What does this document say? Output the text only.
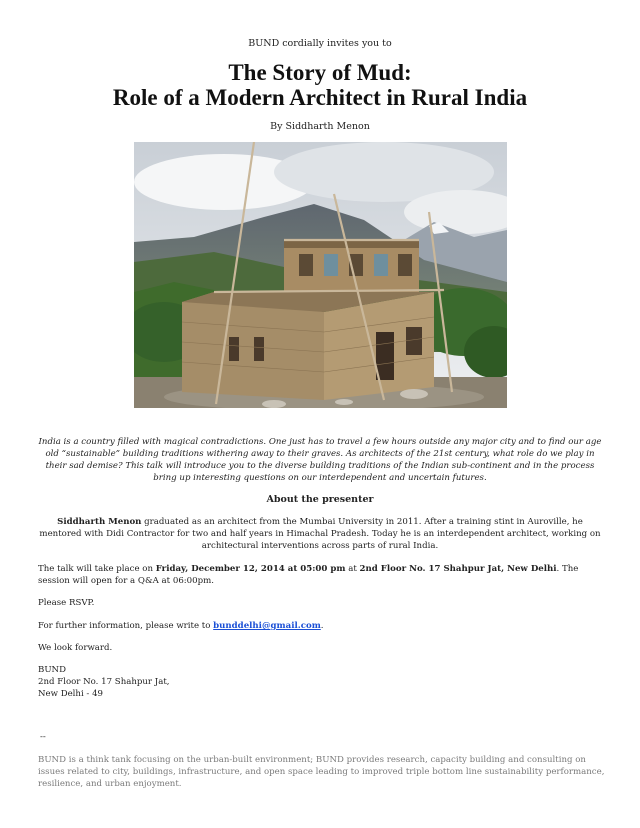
BUND cordially invites you to
The Story of Mud:
Role of a Modern Architect in Rural India
By Siddharth Menon
India is a country filled with magical contradictions. One just has to travel a few hours outside any major city and to find our age old “sustainable” building traditions withering away to their graves. As architects of the 21st century, what role do we play in their sad demise? This talk will introduce you to the diverse building traditions of the Indian sub-continent and in the process bring up interesting questions on our interdependent and uncertain futures.
About the presenter
Siddharth Menon graduated as an architect from the Mumbai University in 2011. After a training stint in Auroville, he mentored with Didi Contractor for two and half years in Himachal Pradesh. Today he is an interdependent architect, working on architectural interventions across parts of rural India.
The talk will take place on Friday, December 12, 2014 at 05:00 pm at 2nd Floor No. 17 Shahpur Jat, New Delhi. The session will open for a Q&A at 06:00pm.
Please RSVP.
For further information, please write to bunddelhi@gmail.com.
We look forward.
BUND
2nd Floor No. 17 Shahpur Jat,
New Delhi - 49
--
BUND is a think tank focusing on the urban-built environment; BUND provides research, capacity building and consulting on issues related to city, buildings, infrastructure, and open space leading to improved triple bottom line sustainability performance, resilience, and urban enjoyment.
